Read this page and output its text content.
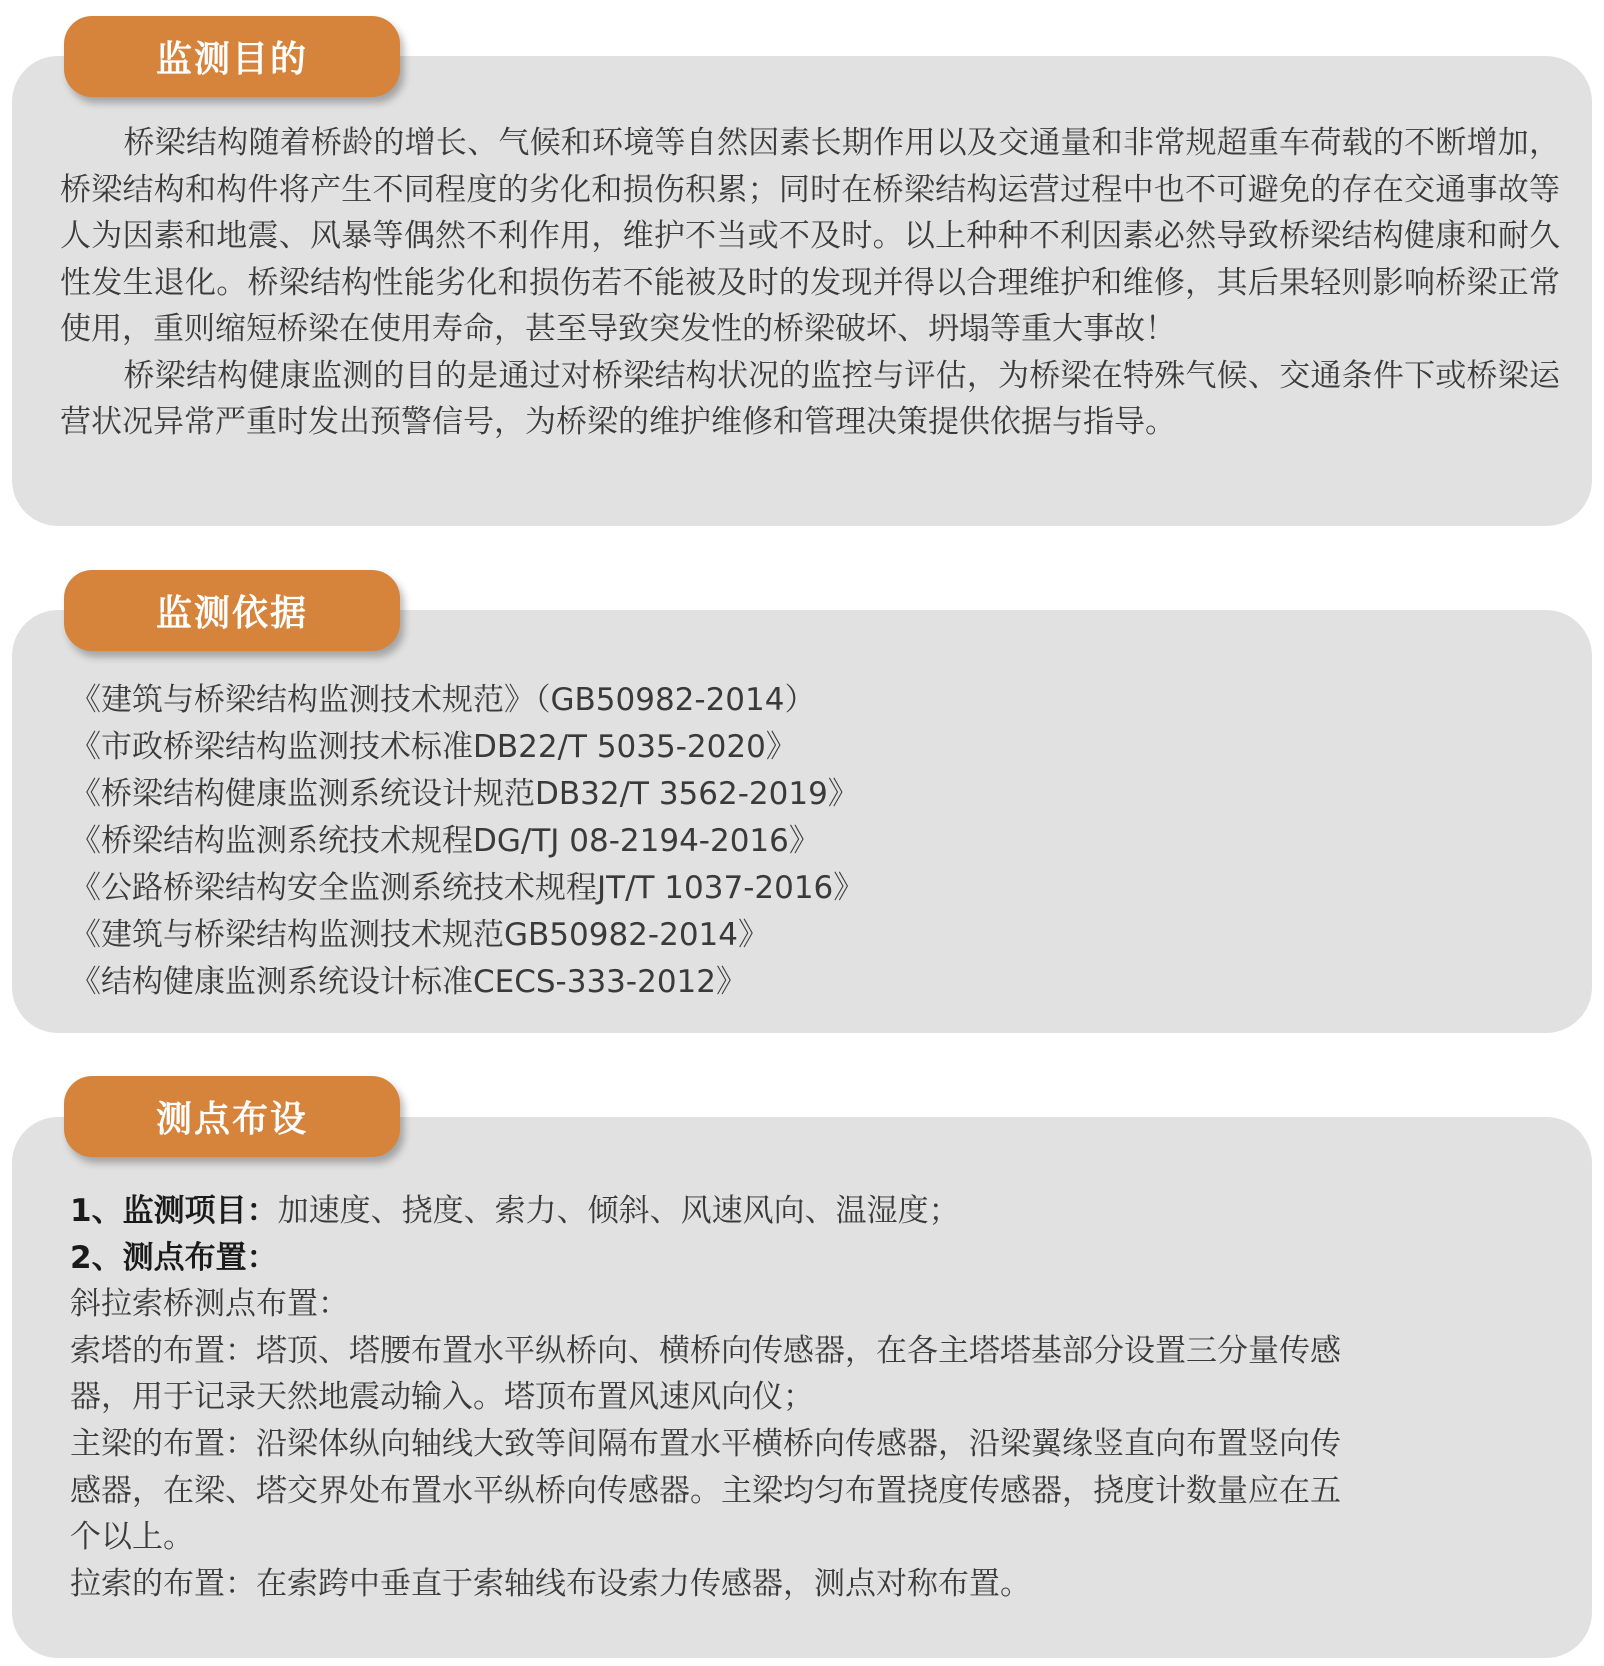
监测目的

桥梁结构随着桥龄的增长、气候和环境等自然因素长期作用以及交通量和非常规超重车荷载的不断增加，桥梁结构和构件将产生不同程度的劣化和损伤积累；同时在桥梁结构运营过程中也不可避免的存在交通事故等人为因素和地震、风暴等偶然不利作用，维护不当或不及时。以上种种不利因素必然导致桥梁结构健康和耐久性发生退化。桥梁结构性能劣化和损伤若不能被及时的发现并得以合理维护和维修，其后果轻则影响桥梁正常使用，重则缩短桥梁在使用寿命，甚至导致突发性的桥梁破坏、坍塌等重大事故！

桥梁结构健康监测的目的是通过对桥梁结构状况的监控与评估，为桥梁在特殊气候、交通条件下或桥梁运营状况异常严重时发出预警信号，为桥梁的维护维修和管理决策提供依据与指导。

监测依据
《建筑与桥梁结构监测技术规范》（GB50982-2014）
《市政桥梁结构监测技术标准DB22/T 5035-2020》
《桥梁结构健康监测系统设计规范DB32/T 3562-2019》
《桥梁结构监测系统技术规程DG/TJ 08-2194-2016》
《公路桥梁结构安全监测系统技术规程JT/T 1037-2016》
《建筑与桥梁结构监测技术规范GB50982-2014》
《结构健康监测系统设计标准CECS-333-2012》
测点布设
1、监测项目：加速度、挠度、索力、倾斜、风速风向、温湿度；
2、测点布置：
斜拉索桥测点布置：
索塔的布置：塔顶、塔腰布置水平纵桥向、横桥向传感器，在各主塔塔基部分设置三分量传感
器，用于记录天然地震动输入。塔顶布置风速风向仪；
主梁的布置：沿梁体纵向轴线大致等间隔布置水平横桥向传感器，沿梁翼缘竖直向布置竖向传
感器，在梁、塔交界处布置水平纵桥向传感器。主梁均匀布置挠度传感器，挠度计数量应在五
个以上。
拉索的布置：在索跨中垂直于索轴线布设索力传感器，测点对称布置。
